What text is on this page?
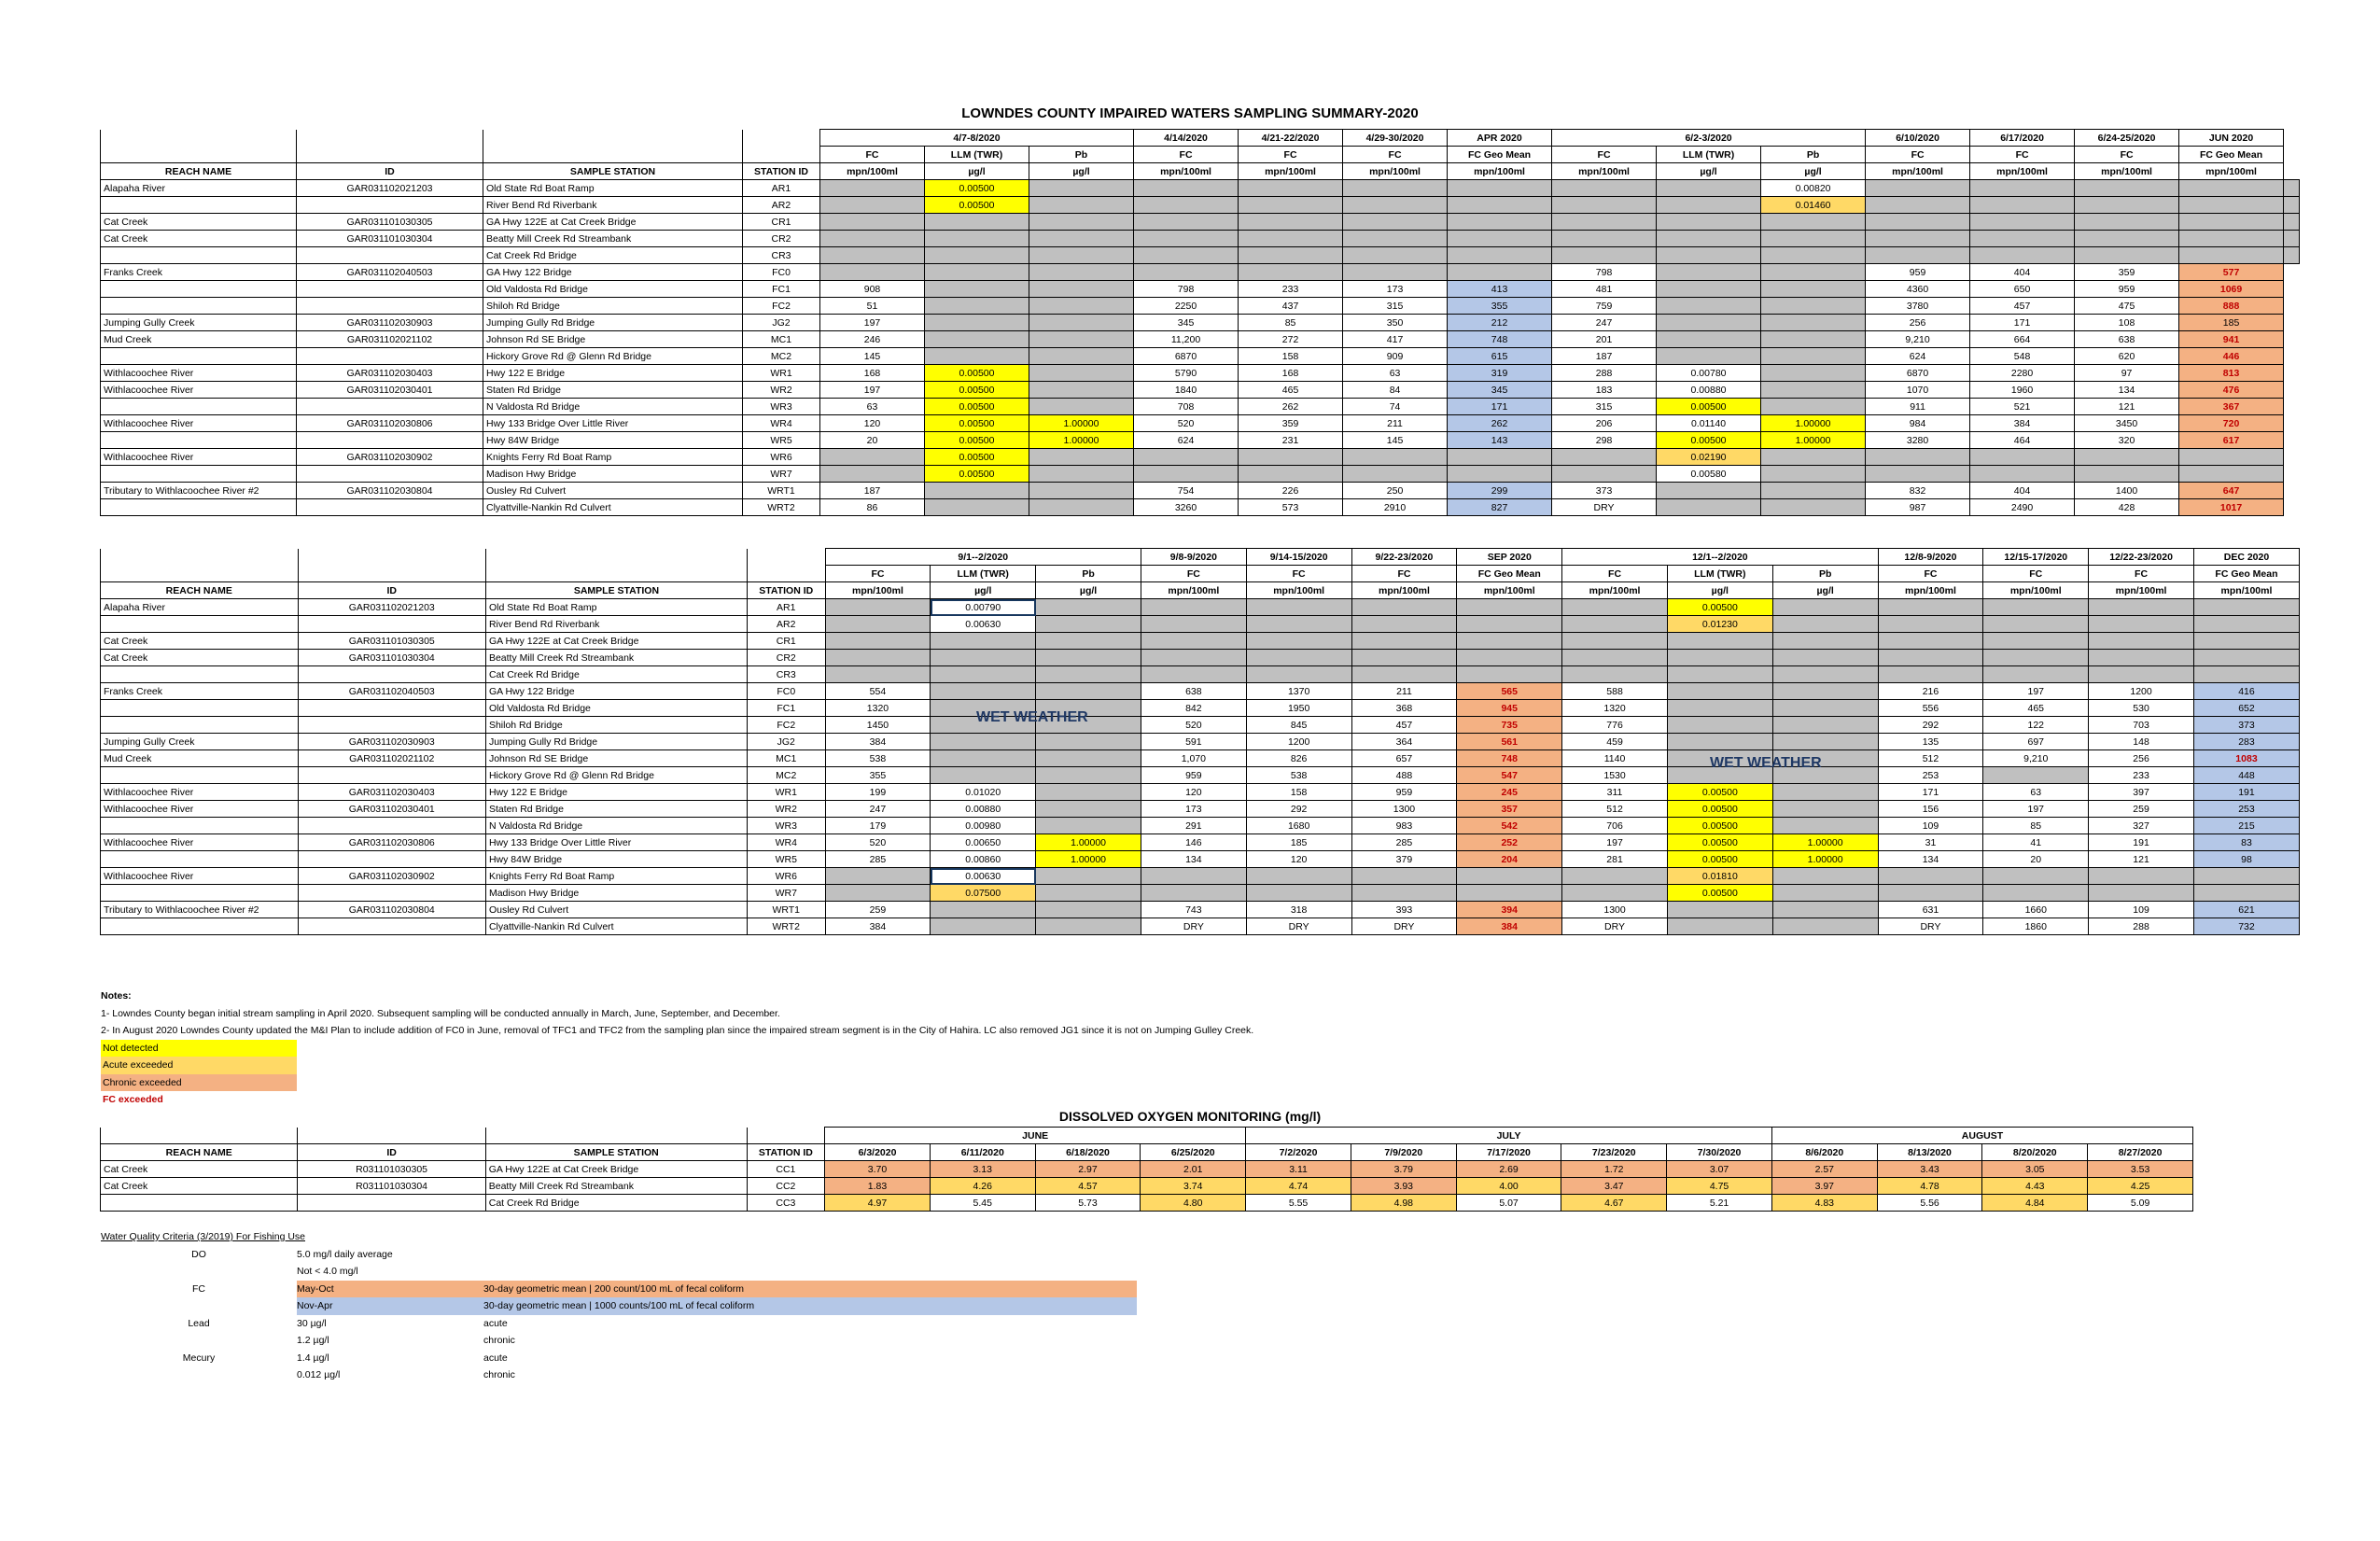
LOWNDES COUNTY IMPAIRED WATERS SAMPLING SUMMARY-2020
				4/7-8/2020			4/14/2020	4/21-22/2020	4/29-30/2020	APR 2020	6/2-3/2020			6/10/2020	6/17/2020	6/24-25/2020	JUN 2020	
				FC	LLM (TWR)	Pb	FC	FC	FC	FC Geo Mean	FC	LLM (TWR)	Pb	FC	FC	FC	FC Geo Mean	
REACH NAME	ID	SAMPLE STATION	STATION ID	mpn/100ml	µg/l	µg/l	mpn/100ml	mpn/100ml	mpn/100ml	mpn/100ml	mpn/100ml	µg/l	µg/l	mpn/100ml	mpn/100ml	mpn/100ml	mpn/100ml	
Alapaha River	GAR031102021203	Old State Rd Boat Ramp	AR1		0.00500								0.00820					
		River Bend Rd Riverbank	AR2		0.00500								0.01460					
Cat Creek	GAR031101030305	GA Hwy 122E at Cat Creek Bridge	CR1															
Cat Creek	GAR031101030304	Beatty Mill Creek Rd Streambank	CR2															
		Cat Creek Rd Bridge	CR3															
Franks Creek	GAR031102040503	GA Hwy 122 Bridge	FC0								798			959	404	359	577	
		Old Valdosta Rd Bridge	FC1	908			798	233	173	413	481			4360	650	959	1069	
		Shiloh Rd Bridge	FC2	51			2250	437	315	355	759			3780	457	475	888	
Jumping Gully Creek	GAR031102030903	Jumping Gully Rd Bridge	JG2	197			345	85	350	212	247			256	171	108	185	
Mud Creek	GAR031102021102	Johnson Rd SE Bridge	MC1	246			11,200	272	417	748	201			9,210	664	638	941	
		Hickory Grove Rd @ Glenn Rd Bridge	MC2	145			6870	158	909	615	187			624	548	620	446	
Withlacoochee River	GAR031102030403	Hwy 122 E Bridge	WR1	168	0.00500		5790	168	63	319	288	0.00780		6870	2280	97	813	
Withlacoochee River	GAR031102030401	Staten Rd Bridge	WR2	197	0.00500		1840	465	84	345	183	0.00880		1070	1960	134	476	
		N Valdosta Rd Bridge	WR3	63	0.00500		708	262	74	171	315	0.00500		911	521	121	367	
Withlacoochee River	GAR031102030806	Hwy 133 Bridge Over Little River	WR4	120	0.00500	1.00000	520	359	211	262	206	0.01140	1.00000	984	384	3450	720	
		Hwy 84W Bridge	WR5	20	0.00500	1.00000	624	231	145	143	298	0.00500	1.00000	3280	464	320	617	
Withlacoochee River	GAR031102030902	Knights Ferry Rd Boat Ramp	WR6		0.00500							0.02190						
		Madison Hwy Bridge	WR7		0.00500							0.00580						
Tributary to Withlacoochee River #2	GAR031102030804	Ousley Rd Culvert	WRT1	187			754	226	250	299	373			832	404	1400	647	
		Clyattville-Nankin Rd Culvert	WRT2	86			3260	573	2910	827	DRY			987	2490	428	1017	
				9/1--2/2020			9/8-9/2020	9/14-15/2020	9/22-23/2020	SEP 2020	12/1--2/2020			12/8-9/2020	12/15-17/2020	12/22-23/2020	DEC 2020
				FC	LLM (TWR)	Pb	FC	FC	FC	FC Geo Mean	FC	LLM (TWR)	Pb	FC	FC	FC	FC Geo Mean
REACH NAME	ID	SAMPLE STATION	STATION ID	mpn/100ml	µg/l	µg/l	mpn/100ml	mpn/100ml	mpn/100ml	mpn/100ml	mpn/100ml	µg/l	µg/l	mpn/100ml	mpn/100ml	mpn/100ml	mpn/100ml
Alapaha River	GAR031102021203	Old State Rd Boat Ramp	AR1		0.00790							0.00500					
		River Bend Rd Riverbank	AR2		0.00630							0.01230					
Cat Creek	GAR031101030305	GA Hwy 122E at Cat Creek Bridge	CR1														
Cat Creek	GAR031101030304	Beatty Mill Creek Rd Streambank	CR2														
		Cat Creek Rd Bridge	CR3														
Franks Creek	GAR031102040503	GA Hwy 122 Bridge	FC0	554			638	1370	211	565	588			216	197	1200	416
		Old Valdosta Rd Bridge	FC1	1320			842	1950	368	945	1320			556	465	530	652
		Shiloh Rd Bridge	FC2	1450			520	845	457	735	776			292	122	703	373
Jumping Gully Creek	GAR031102030903	Jumping Gully Rd Bridge	JG2	384			591	1200	364	561	459			135	697	148	283
Mud Creek	GAR031102021102	Johnson Rd SE Bridge	MC1	538			1,070	826	657	748	1140			512	9,210	256	1083
		Hickory Grove Rd @ Glenn Rd Bridge	MC2	355			959	538	488	547	1530			253		233	448
Withlacoochee River	GAR031102030403	Hwy 122 E Bridge	WR1	199	0.01020		120	158	959	245	311	0.00500		171	63	397	191
Withlacoochee River	GAR031102030401	Staten Rd Bridge	WR2	247	0.00880		173	292	1300	357	512	0.00500		156	197	259	253
		N Valdosta Rd Bridge	WR3	179	0.00980		291	1680	983	542	706	0.00500		109	85	327	215
Withlacoochee River	GAR031102030806	Hwy 133 Bridge Over Little River	WR4	520	0.00650	1.00000	146	185	285	252	197	0.00500	1.00000	31	41	191	83
		Hwy 84W Bridge	WR5	285	0.00860	1.00000	134	120	379	204	281	0.00500	1.00000	134	20	121	98
Withlacoochee River	GAR031102030902	Knights Ferry Rd Boat Ramp	WR6		0.00630							0.01810					
		Madison Hwy Bridge	WR7		0.07500							0.00500					
Tributary to Withlacoochee River #2	GAR031102030804	Ousley Rd Culvert	WRT1	259			743	318	393	394	1300			631	1660	109	621
		Clyattville-Nankin Rd Culvert	WRT2	384			DRY	DRY	DRY	384	DRY			DRY	1860	288	732
WET WEATHER
WET WEATHER
Notes:
1- Lowndes County began initial stream sampling in April 2020. Subsequent sampling will be conducted annually in March, June, September, and December.
2- In August 2020 Lowndes County updated the M&I Plan to include addition of FC0 in June, removal of TFC1 and TFC2 from the sampling plan since the impaired stream segment is in the City of Hahira. LC also removed JG1 since it is not on Jumping Gulley Creek.
Not detected
Acute exceeded
Chronic exceeded
FC exceeded
DISSOLVED OXYGEN MONITORING (mg/l)
				JUNE				JULY					AUGUST			
REACH NAME	ID	SAMPLE STATION	STATION ID	6/3/2020	6/11/2020	6/18/2020	6/25/2020	7/2/2020	7/9/2020	7/17/2020	7/23/2020	7/30/2020	8/6/2020	8/13/2020	8/20/2020	8/27/2020
Cat Creek	R031101030305	GA Hwy 122E at Cat Creek Bridge	CC1	3.70	3.13	2.97	2.01	3.11	3.79	2.69	1.72	3.07	2.57	3.43	3.05	3.53
Cat Creek	R031101030304	Beatty Mill Creek Rd Streambank	CC2	1.83	4.26	4.57	3.74	4.74	3.93	4.00	3.47	4.75	3.97	4.78	4.43	4.25
		Cat Creek Rd Bridge	CC3	4.97	5.45	5.73	4.80	5.55	4.98	5.07	4.67	5.21	4.83	5.56	4.84	5.09
Water Quality Criteria (3/2019) For Fishing Use
DO	5.0 mg/l daily average
Not < 4.0 mg/l
FC	May-Oct	30-day geometric mean | 200 count/100 mL of fecal coliform
Nov-Apr	30-day geometric mean | 1000 counts/100 mL of fecal coliform
Lead	30 µg/l	acute
1.2 µg/l	chronic
Mecury	1.4 µg/l	acute
0.012 µg/l	chronic
